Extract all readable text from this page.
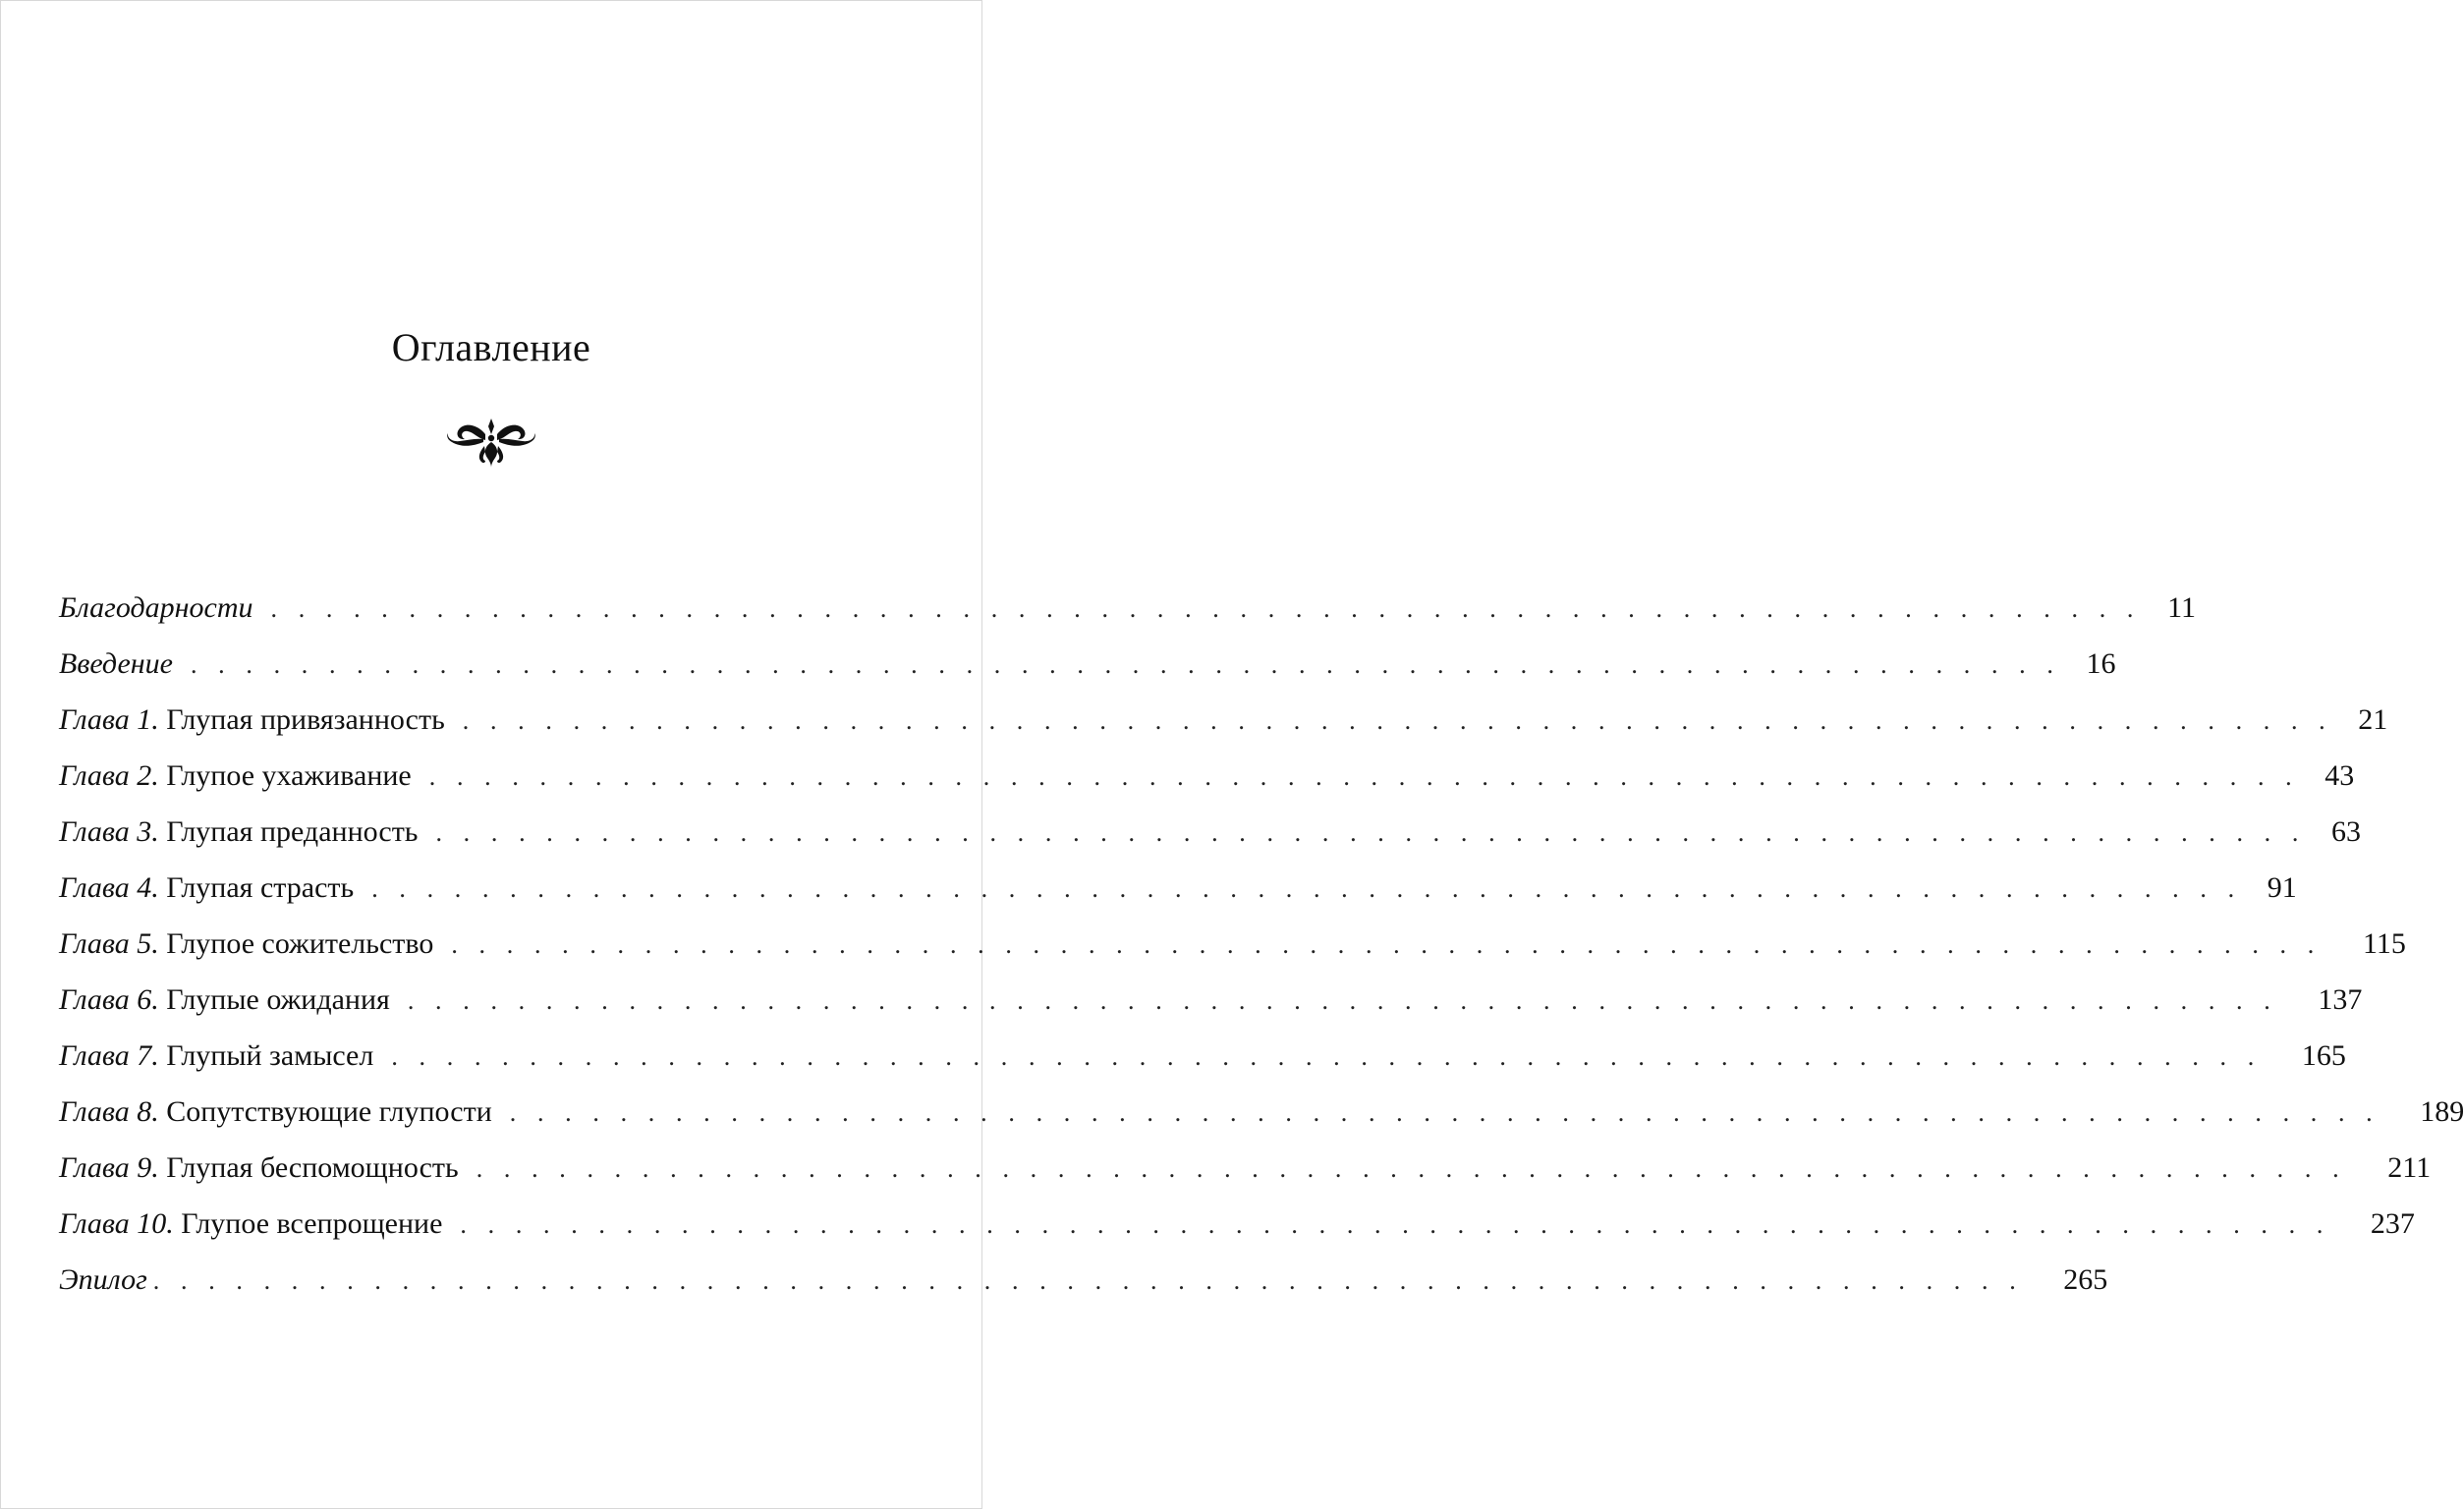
Оглавление
Благодарности . . . . . . . . . . . . . . . . . . . . . . . . . . . . . . . . . . . . . . . . . . . . . . . . . . . . . . . . . . . . . . . . . . . . 11
Введение . . . . . . . . . . . . . . . . . . . . . . . . . . . . . . . . . . . . . . . . . . . . . . . . . . . . . . . . . . . . . . . . . . . . 16
Глава 1. Глупая привязанность . . . . . . . . . . . . . . . . . . . . . . . . . . . . . . . . . . . . . . . . . . . . . . . . . . . . . . . . . . . . . . . . . . . . 21
Глава 2. Глупое ухаживание . . . . . . . . . . . . . . . . . . . . . . . . . . . . . . . . . . . . . . . . . . . . . . . . . . . . . . . . . . . . . . . . . . . . 43
Глава 3. Глупая преданность . . . . . . . . . . . . . . . . . . . . . . . . . . . . . . . . . . . . . . . . . . . . . . . . . . . . . . . . . . . . . . . . . . . . 63
Глава 4. Глупая страсть . . . . . . . . . . . . . . . . . . . . . . . . . . . . . . . . . . . . . . . . . . . . . . . . . . . . . . . . . . . . . . . . . . . . 91
Глава 5. Глупое сожительство . . . . . . . . . . . . . . . . . . . . . . . . . . . . . . . . . . . . . . . . . . . . . . . . . . . . . . . . . . . . . . . . . . . .	115
Глава 6. Глупые ожидания . . . . . . . . . . . . . . . . . . . . . . . . . . . . . . . . . . . . . . . . . . . . . . . . . . . . . . . . . . . . . . . . . . . .	137
Глава 7. Глупый замысел . . . . . . . . . . . . . . . . . . . . . . . . . . . . . . . . . . . . . . . . . . . . . . . . . . . . . . . . . . . . . . . . . . . .	165
Глава 8. Сопутствующие глупости . . . . . . . . . . . . . . . . . . . . . . . . . . . . . . . . . . . . . . . . . . . . . . . . . . . . . . . . . . . . . . . . . . . .	189
Глава 9. Глупая беспомощность . . . . . . . . . . . . . . . . . . . . . . . . . . . . . . . . . . . . . . . . . . . . . . . . . . . . . . . . . . . . . . . . . . . .	211
Глава 10. Глупое всепрощение . . . . . . . . . . . . . . . . . . . . . . . . . . . . . . . . . . . . . . . . . . . . . . . . . . . . . . . . . . . . . . . . . . . .	237
Эпилог . . . . . . . . . . . . . . . . . . . . . . . . . . . . . . . . . . . . . . . . . . . . . . . . . . . . . . . . . . . . . . . . . . . .	265
